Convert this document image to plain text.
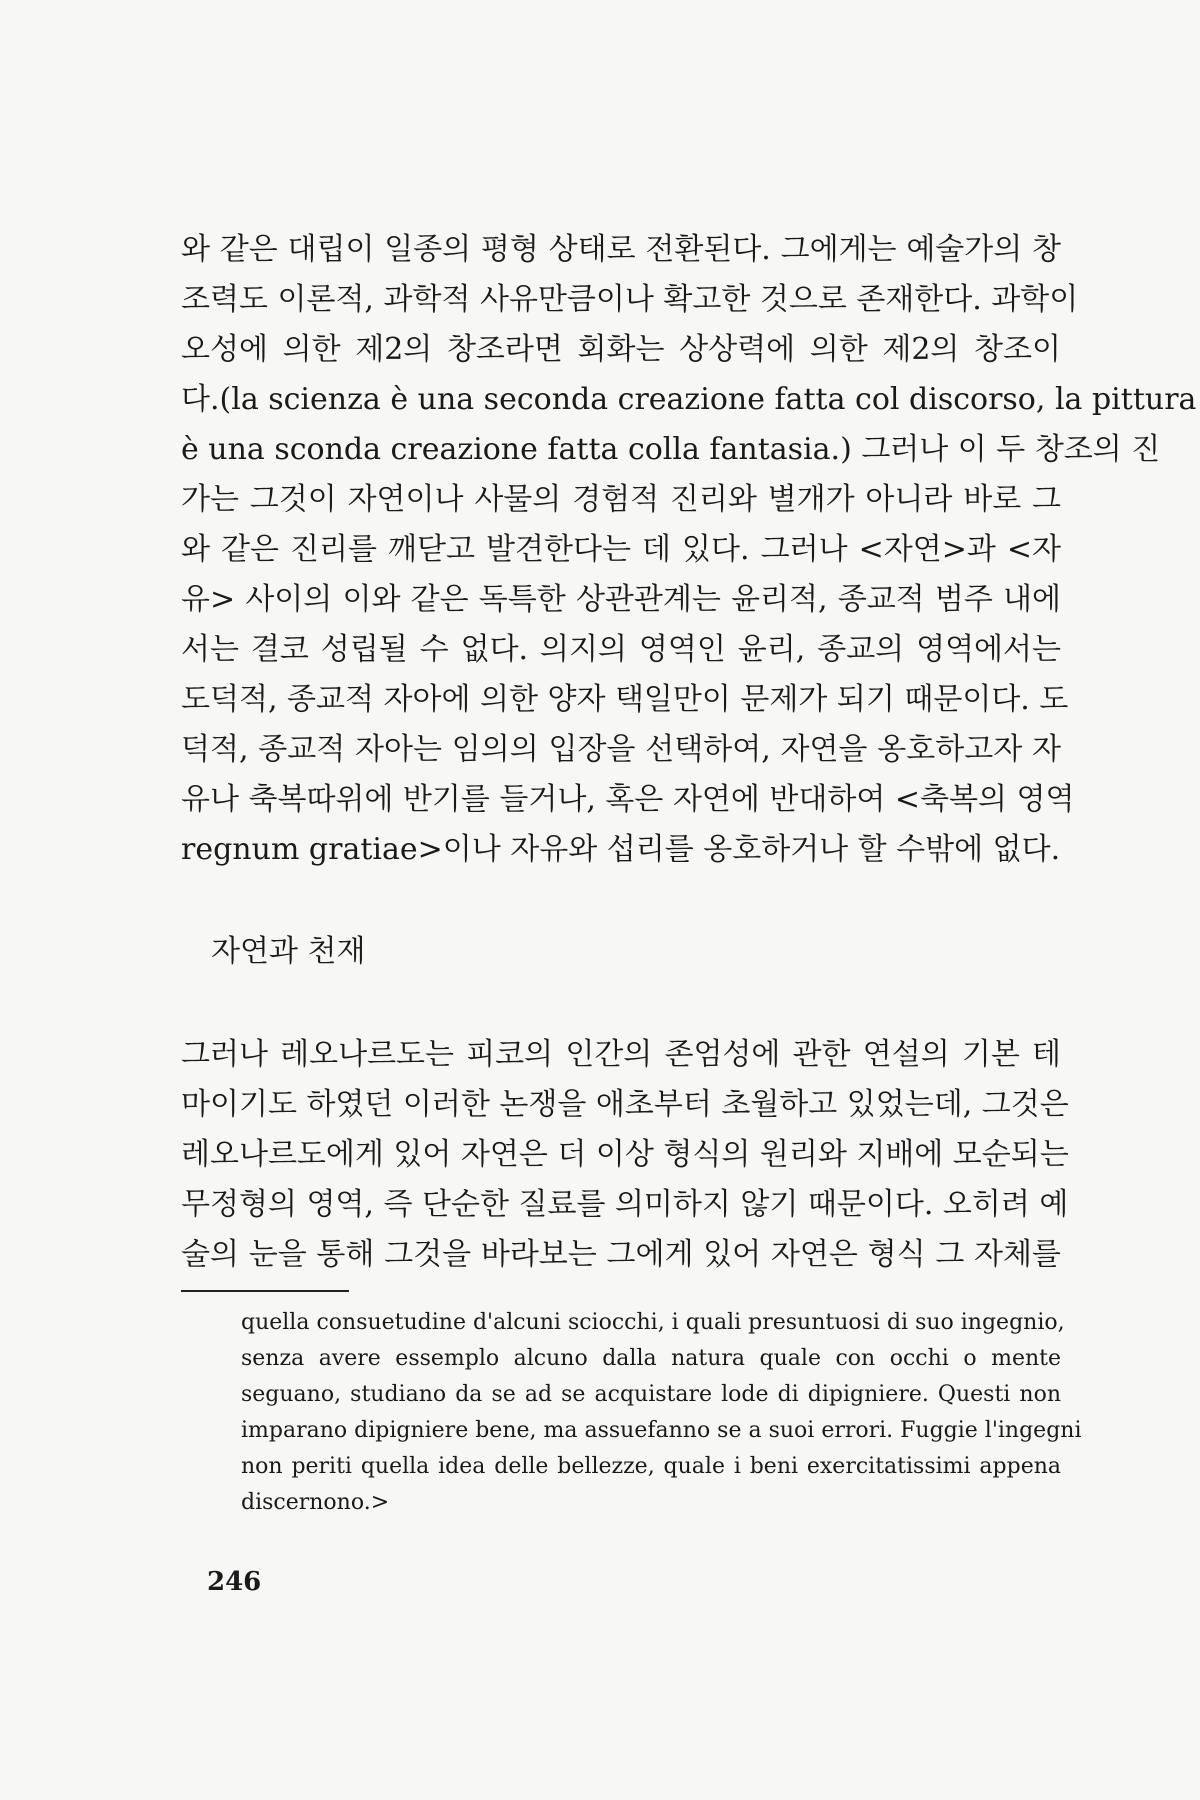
와 같은 대립이 일종의 평형 상태로 전환된다. 그에게는 예술가의 창
조력도 이론적, 과학적 사유만큼이나 확고한 것으로 존재한다. 과학이
오성에 의한 제2의 창조라면 회화는 상상력에 의한 제2의 창조이
다.(la scienza è una seconda creazione fatta col discorso, la pittura
è una sconda creazione fatta colla fantasia.) 그러나 이 두 창조의 진
가는 그것이 자연이나 사물의 경험적 진리와 별개가 아니라 바로 그
와 같은 진리를 깨닫고 발견한다는 데 있다. 그러나 <자연>과 <자
유> 사이의 이와 같은 독특한 상관관계는 윤리적, 종교적 범주 내에
서는 결코 성립될 수 없다. 의지의 영역인 윤리, 종교의 영역에서는
도덕적, 종교적 자아에 의한 양자 택일만이 문제가 되기 때문이다. 도
덕적, 종교적 자아는 임의의 입장을 선택하여, 자연을 옹호하고자 자
유나 축복따위에 반기를 들거나, 혹은 자연에 반대하여 <축복의 영역
regnum gratiae>이나 자유와 섭리를 옹호하거나 할 수밖에 없다.
자연과 천재
그러나 레오나르도는 피코의 인간의 존엄성에 관한 연설의 기본 테
마이기도 하였던 이러한 논쟁을 애초부터 초월하고 있었는데, 그것은
레오나르도에게 있어 자연은 더 이상 형식의 원리와 지배에 모순되는
무정형의 영역, 즉 단순한 질료를 의미하지 않기 때문이다. 오히려 예
술의 눈을 통해 그것을 바라보는 그에게 있어 자연은 형식 그 자체를
quella consuetudine d'alcuni sciocchi, i quali presuntuosi di suo ingegnio,
senza avere essemplo alcuno dalla natura quale con occhi o mente
seguano, studiano da se ad se acquistare lode di dipigniere. Questi non
imparano dipigniere bene, ma assuefanno se a suoi errori. Fuggie l'ingegni
non periti quella idea delle bellezze, quale i beni exercitatissimi appena
discernono.>
246
